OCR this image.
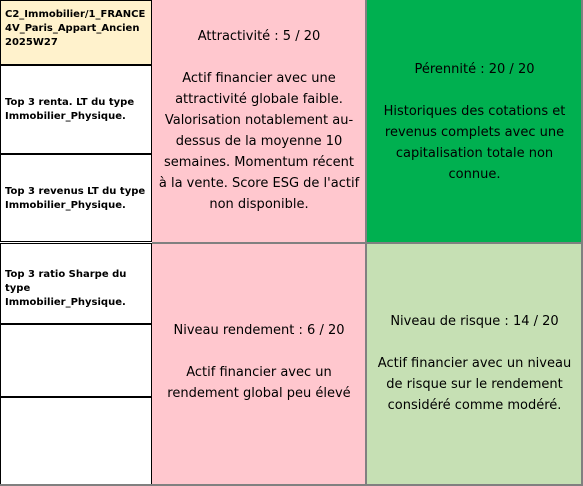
C2_Immobilier/1_FRANCE
4V_Paris_Appart_Ancien
2025W27
Top 3 renta. LT du type Immobilier_Physique.
Top 3 revenus LT du type Immobilier_Physique.
Top 3 ratio Sharpe du type Immobilier_Physique.
Attractivité : 5 / 20
Actif financier avec une attractivité globale faible. Valorisation notablement au-dessus de la moyenne 10 semaines. Momentum récent à la vente. Score ESG de l'actif non disponible.
Pérennité : 20 / 20
Historiques des cotations et revenus complets avec une capitalisation totale non connue.
Niveau rendement : 6 / 20
Actif financier avec un rendement global peu élevé
Niveau de risque : 14 / 20
Actif financier avec un niveau de risque sur le rendement considéré comme modéré.
